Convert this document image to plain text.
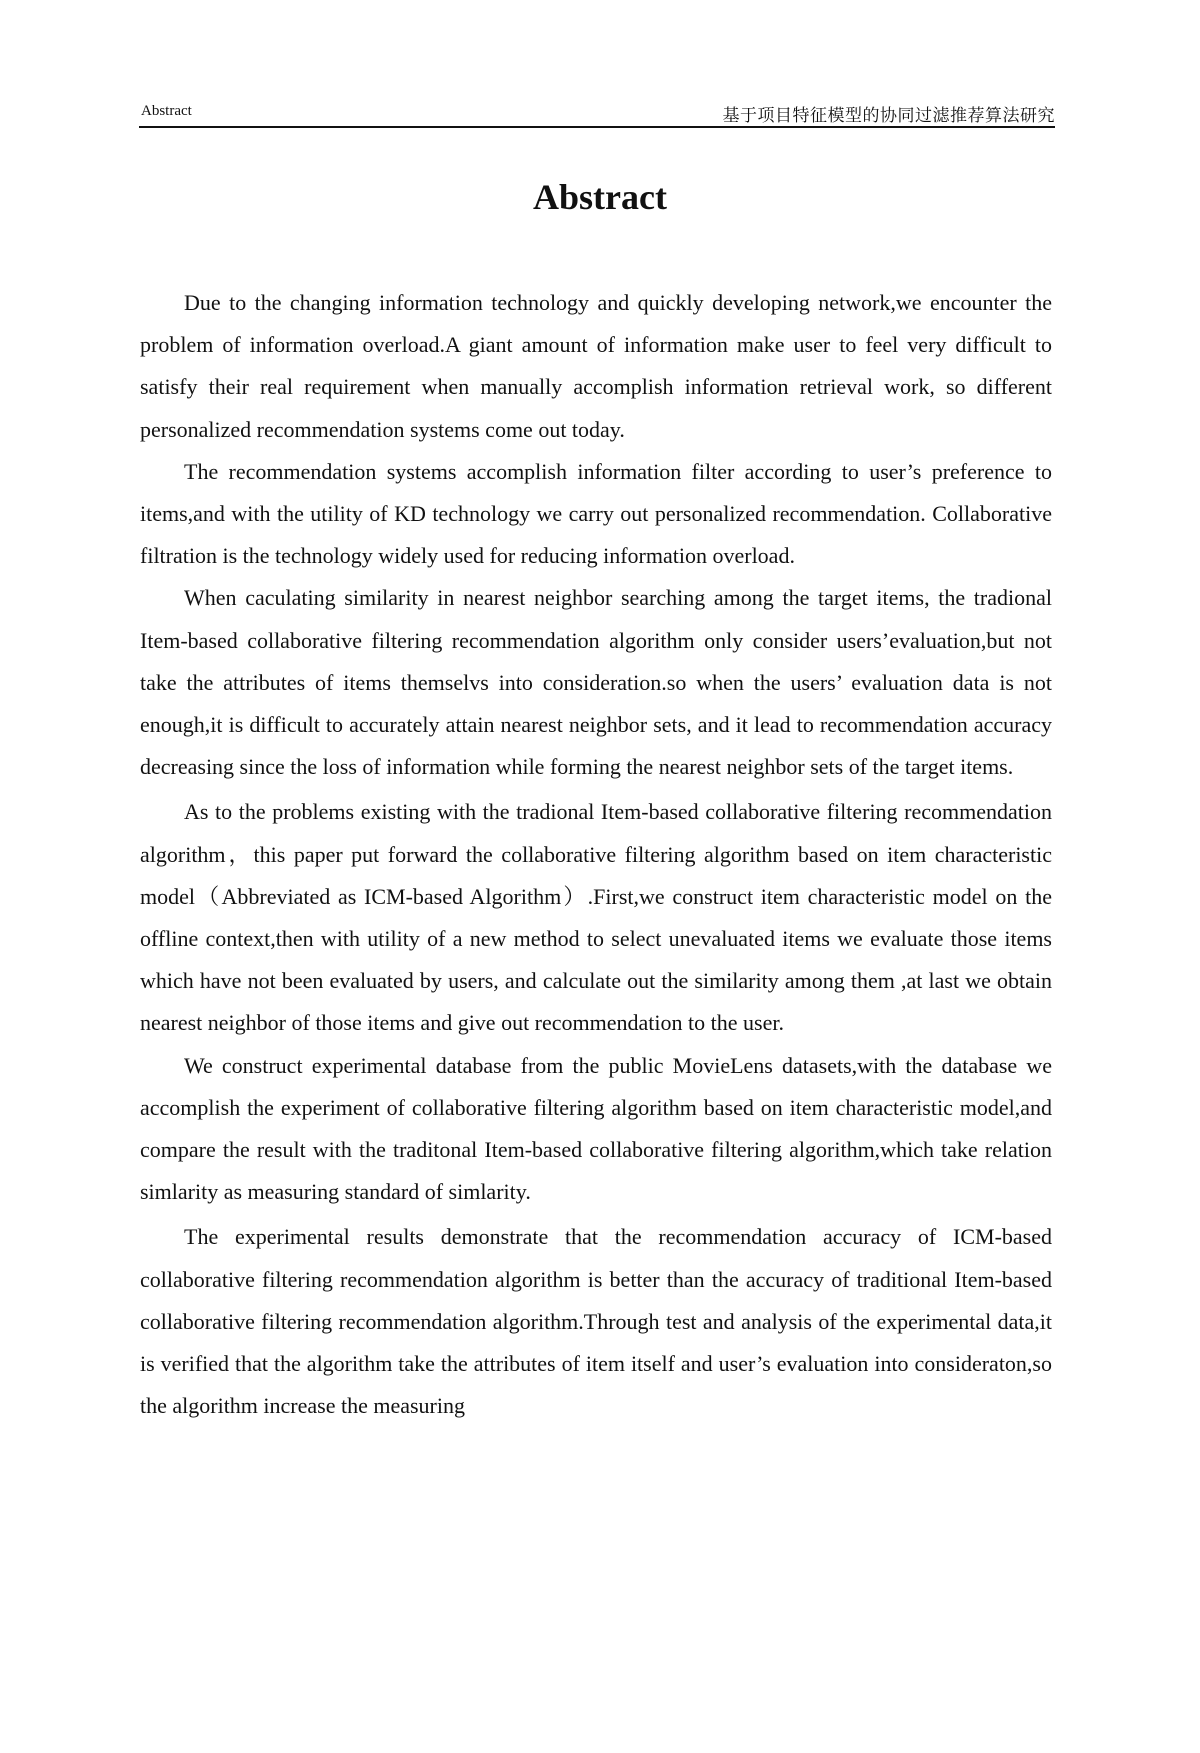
Abstract	基于项目特征模型的协同过滤推荐算法研究
Abstract

Due to the changing information technology and quickly developing network,we encounter the problem of information overload.A giant amount of information make user to feel very difficult to satisfy their real requirement when manually accomplish information retrieval work, so different personalized recommendation systems come out today.

The recommendation systems accomplish information filter according to user’s preference to items,and with the utility of KD technology we carry out personalized recommendation. Collaborative filtration is the technology widely used for reducing information overload.

When caculating similarity in nearest neighbor searching among the target items, the tradional Item-based collaborative filtering recommendation algorithm only consider users’evaluation,but not take the attributes of items themselvs into consideration.so when the users’ evaluation data is not enough,it is difficult to accurately attain nearest neighbor sets, and it lead to recommendation accuracy decreasing since the loss of information while forming the nearest neighbor sets of the target items.

As to the problems existing with the tradional Item-based collaborative filtering recommendation algorithm，this paper put forward the collaborative filtering algorithm based on item characteristic model（Abbreviated as ICM-based Algorithm）.First,we construct item characteristic model on the offline context,then with utility of a new method to select unevaluated items we evaluate those items which have not been evaluated by users, and calculate out the similarity among them ,at last we obtain nearest neighbor of those items and give out recommendation to the user.

We construct experimental database from the public MovieLens datasets,with the database we accomplish the experiment of collaborative filtering algorithm based on item characteristic model,and compare the result with the traditonal Item-based collaborative filtering algorithm,which take relation simlarity as measuring standard of simlarity.

The experimental results demonstrate that the recommendation accuracy of ICM-based collaborative filtering recommendation algorithm is better than the accuracy of traditional Item-based collaborative filtering recommendation algorithm.Through test and analysis of the experimental data,it is verified that the algorithm take the attributes of item itself and user’s evaluation into consideraton,so the algorithm increase the measuring
